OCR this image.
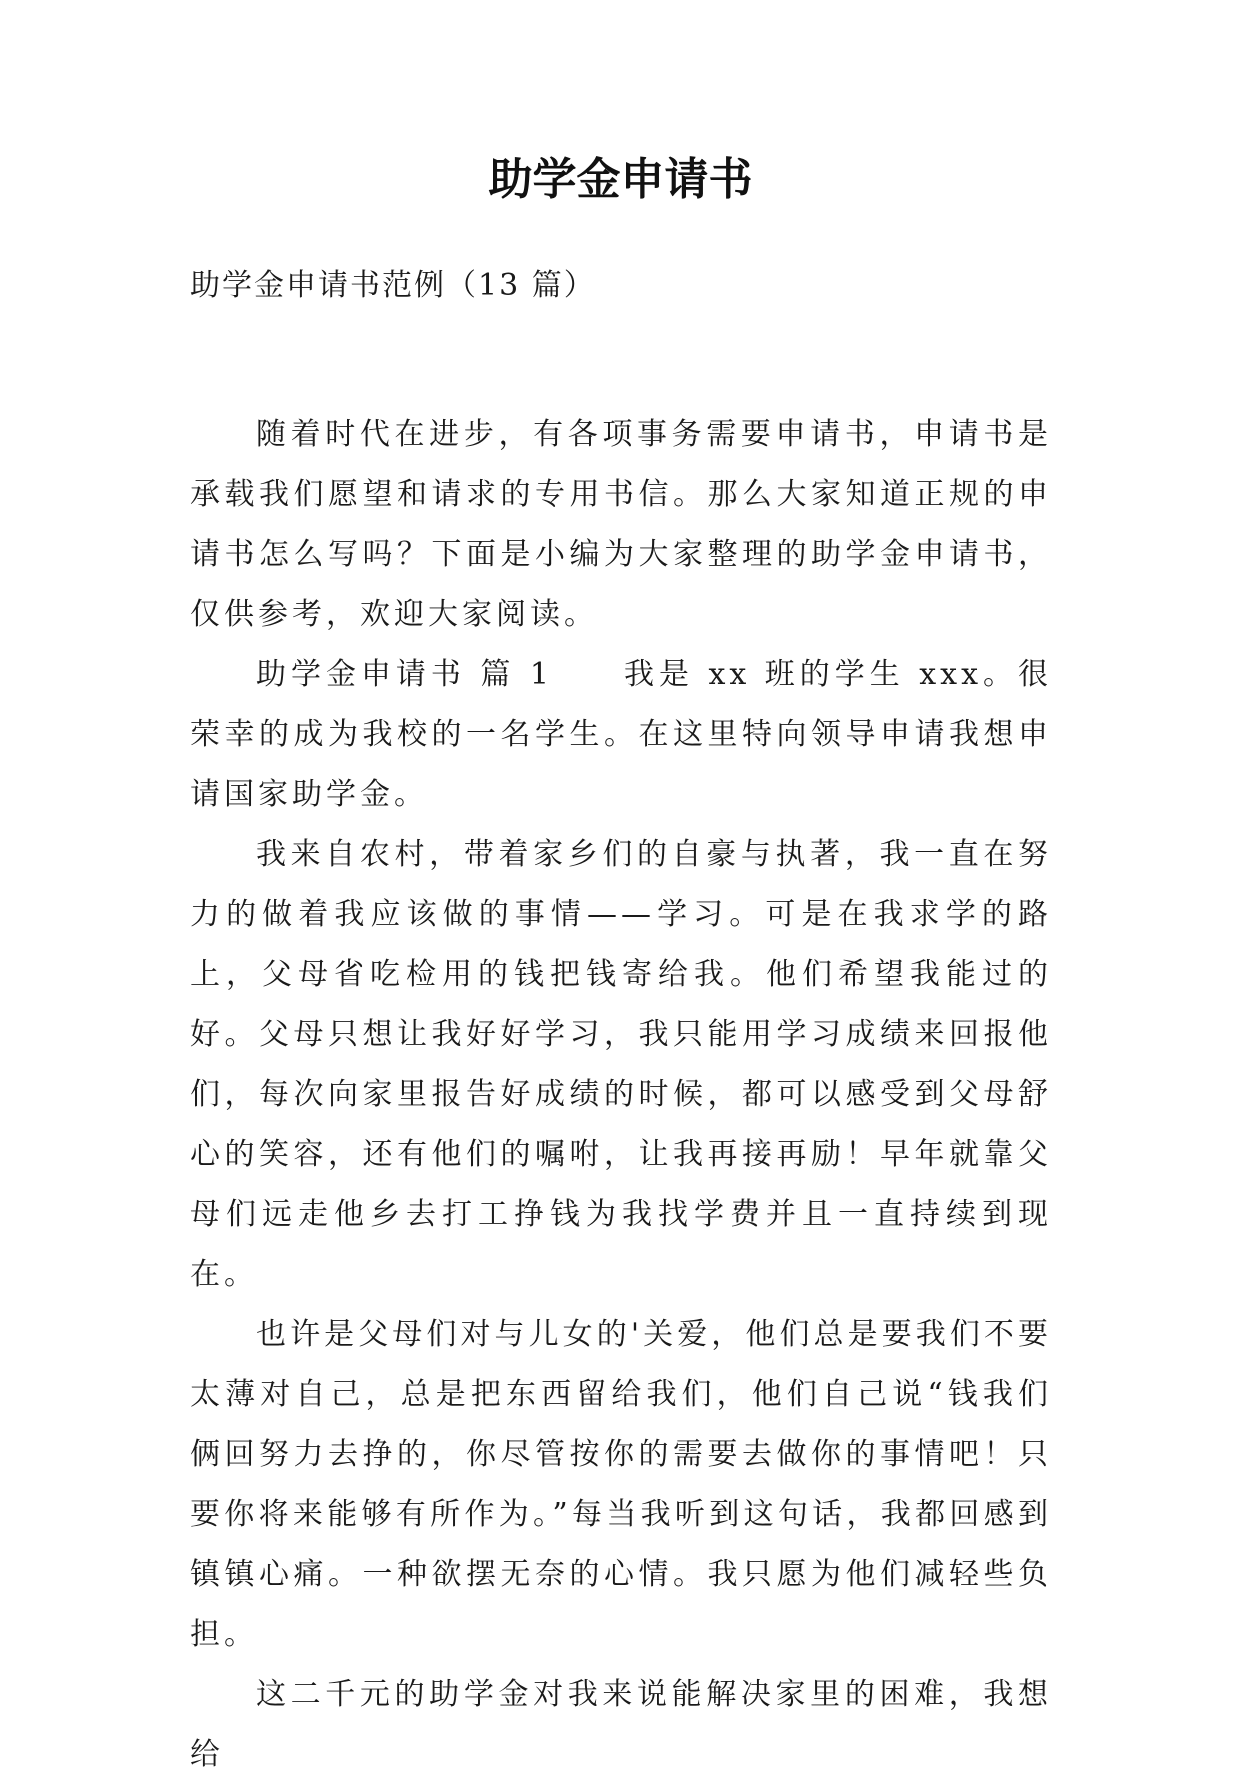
助学金申请书

助学金申请书范例（13 篇）

随着时代在进步，有各项事务需要申请书，申请书是承载我们愿望和请求的专用书信。那么大家知道正规的申请书怎么写吗？下面是小编为大家整理的助学金申请书，仅供参考，欢迎大家阅读。

助学金申请书 篇 1　　我是 xx 班的学生 xxx。很荣幸的成为我校的一名学生。在这里特向领导申请我想申请国家助学金。

我来自农村，带着家乡们的自豪与执著，我一直在努力的做着我应该做的事情——学习。可是在我求学的路上，父母省吃检用的钱把钱寄给我。他们希望我能过的好。父母只想让我好好学习，我只能用学习成绩来回报他们，每次向家里报告好成绩的时候，都可以感受到父母舒心的笑容，还有他们的嘱咐，让我再接再励！早年就靠父母们远走他乡去打工挣钱为我找学费并且一直持续到现在。

也许是父母们对与儿女的'关爱，他们总是要我们不要太薄对自己，总是把东西留给我们，他们自己说“钱我们俩回努力去挣的，你尽管按你的需要去做你的事情吧！只要你将来能够有所作为。”每当我听到这句话，我都回感到镇镇心痛。一种欲摆无奈的心情。我只愿为他们减轻些负担。

这二千元的助学金对我来说能解决家里的困难，我想给
